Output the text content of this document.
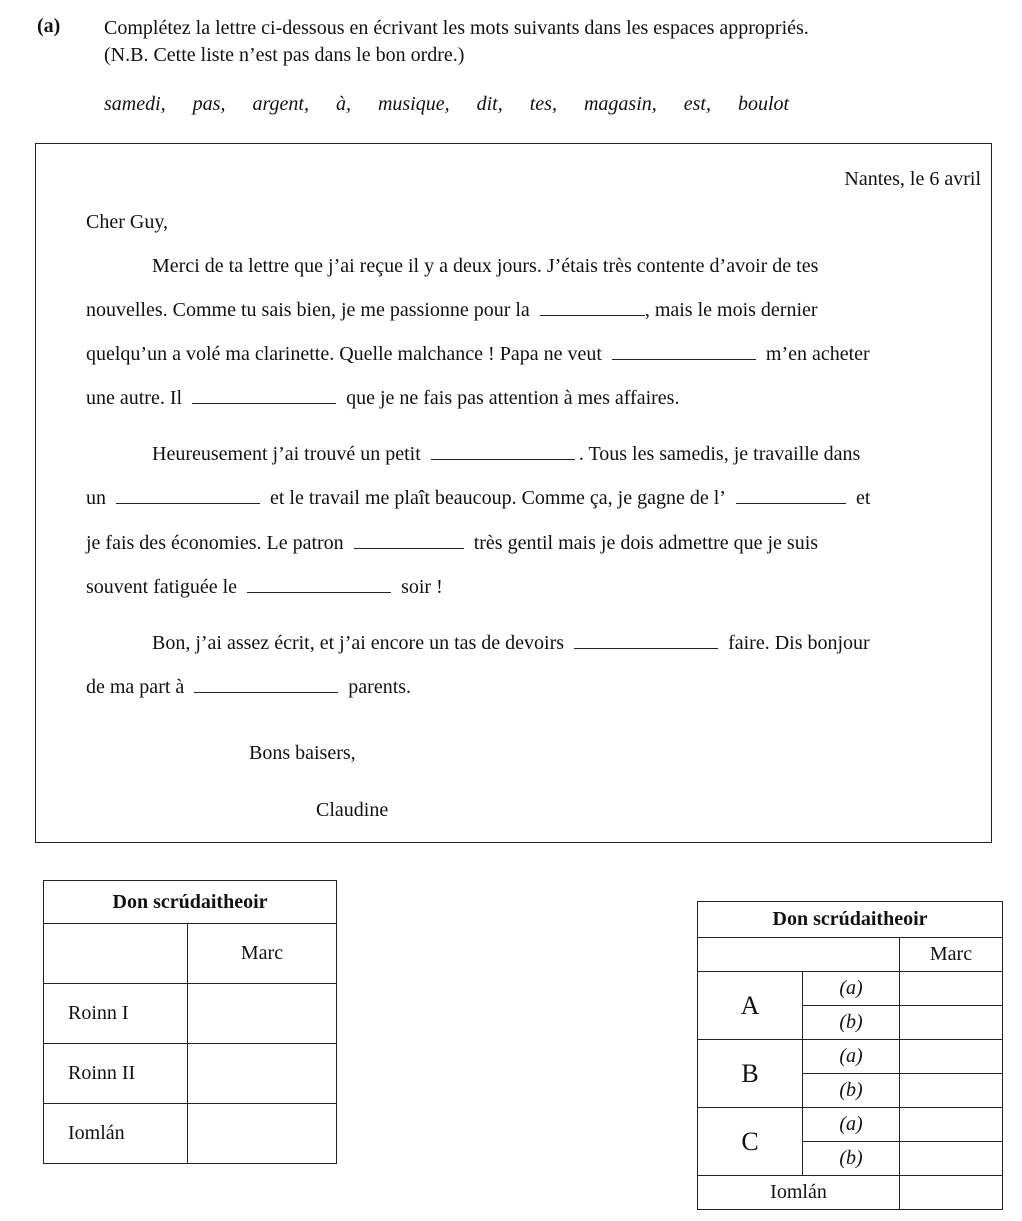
(a) Complétez la lettre ci-dessous en écrivant les mots suivants dans les espaces appropriés.
(N.B. Cette liste n’est pas dans le bon ordre.)
samedi, pas, argent, à, musique, dit, tes, magasin, est, boulot
Nantes, le 6 avril
Cher Guy,
Merci de ta lettre que j’ai reçue il y a deux jours. J’étais très contente d’avoir de tes
nouvelles. Comme tu sais bien, je me passionne pour la	, mais le mois dernier
quelqu’un a volé ma clarinette. Quelle malchance ! Papa ne veut	m’en acheter
une autre. Il	que je ne fais pas attention à mes affaires.
Heureusement j’ai trouvé un petit	. Tous les samedis, je travaille dans
un	et le travail me plaît beaucoup. Comme ça, je gagne de l’	et
je fais des économies. Le patron	très gentil mais je dois admettre que je suis
souvent fatiguée le	soir !
Bon, j’ai assez écrit, et j’ai encore un tas de devoirs	faire. Dis bonjour
de ma part à	parents.
Bons baisers,
Claudine
Don scrúdaitheoir	
	Marc
Roinn I	
Roinn II	
Iomlán	
Don scrúdaitheoir		
		Marc
A	(a)	
	(b)	
B	(a)	
	(b)	
C	(a)	
	(b)	
Iomlán		
